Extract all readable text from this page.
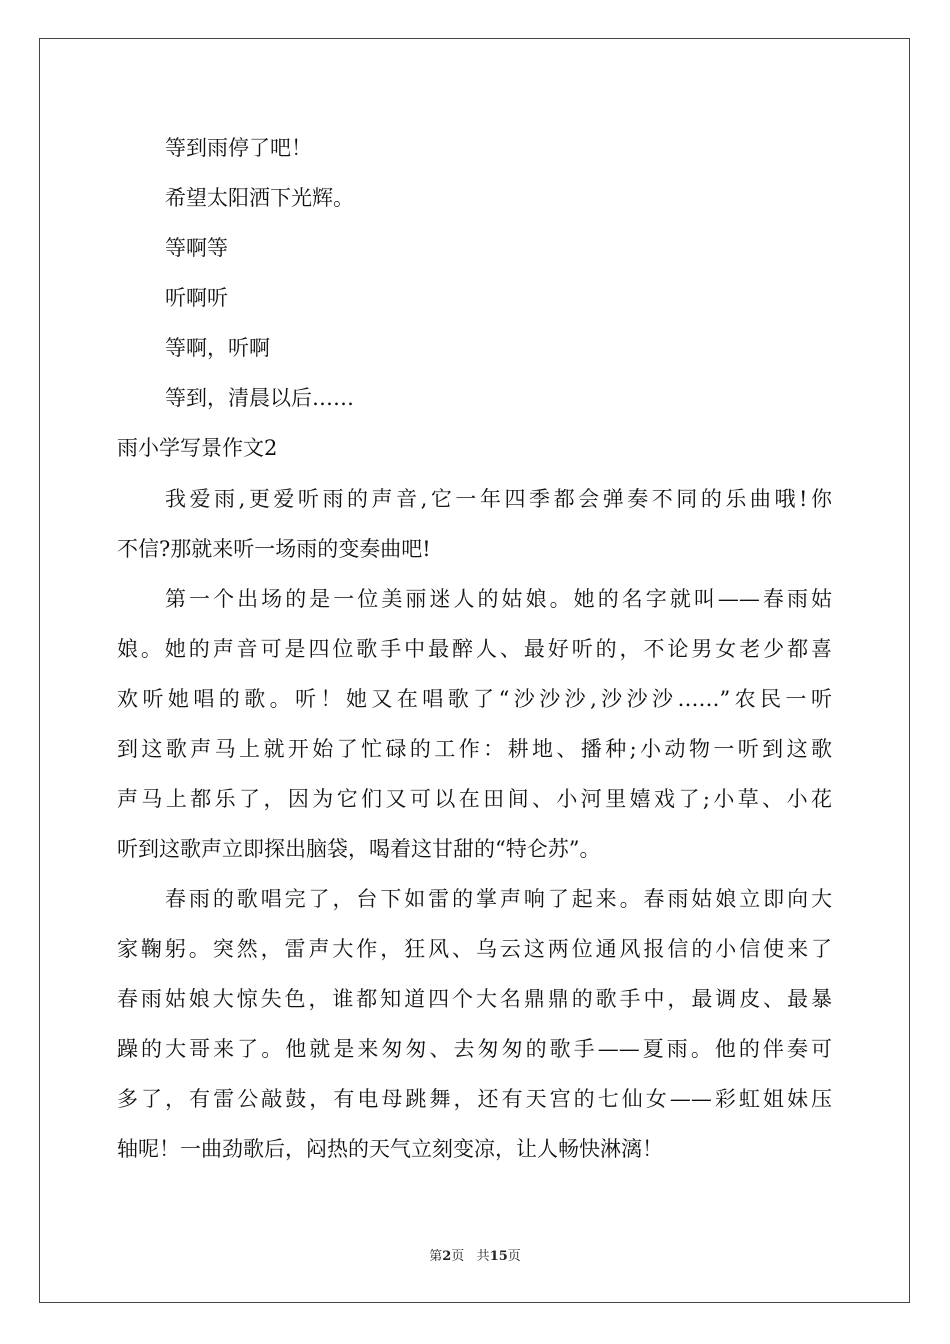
等到雨停了吧！
希望太阳洒下光辉。
等啊等
听啊听
等啊，听啊
等到，清晨以后……
雨小学写景作文2
我爱雨,更爱听雨的声音,它一年四季都会弹奏不同的乐曲哦!你
不信?那就来听一场雨的变奏曲吧!
第一个出场的是一位美丽迷人的姑娘。她的名字就叫——春雨姑
娘。她的声音可是四位歌手中最醉人、最好听的，不论男女老少都喜
欢听她唱的歌。听！她又在唱歌了“沙沙沙,沙沙沙……”农民一听
到这歌声马上就开始了忙碌的工作：耕地、播种;小动物一听到这歌
声马上都乐了，因为它们又可以在田间、小河里嬉戏了;小草、小花
听到这歌声立即探出脑袋，喝着这甘甜的“特仑苏”。
春雨的歌唱完了，台下如雷的掌声响了起来。春雨姑娘立即向大
家鞠躬。突然，雷声大作，狂风、乌云这两位通风报信的小信使来了
春雨姑娘大惊失色，谁都知道四个大名鼎鼎的歌手中，最调皮、最暴
躁的大哥来了。他就是来匆匆、去匆匆的歌手——夏雨。他的伴奏可
多了，有雷公敲鼓，有电母跳舞，还有天宫的七仙女——彩虹姐妹压
轴呢！一曲劲歌后，闷热的天气立刻变凉，让人畅快淋漓！
第2页 共15页
